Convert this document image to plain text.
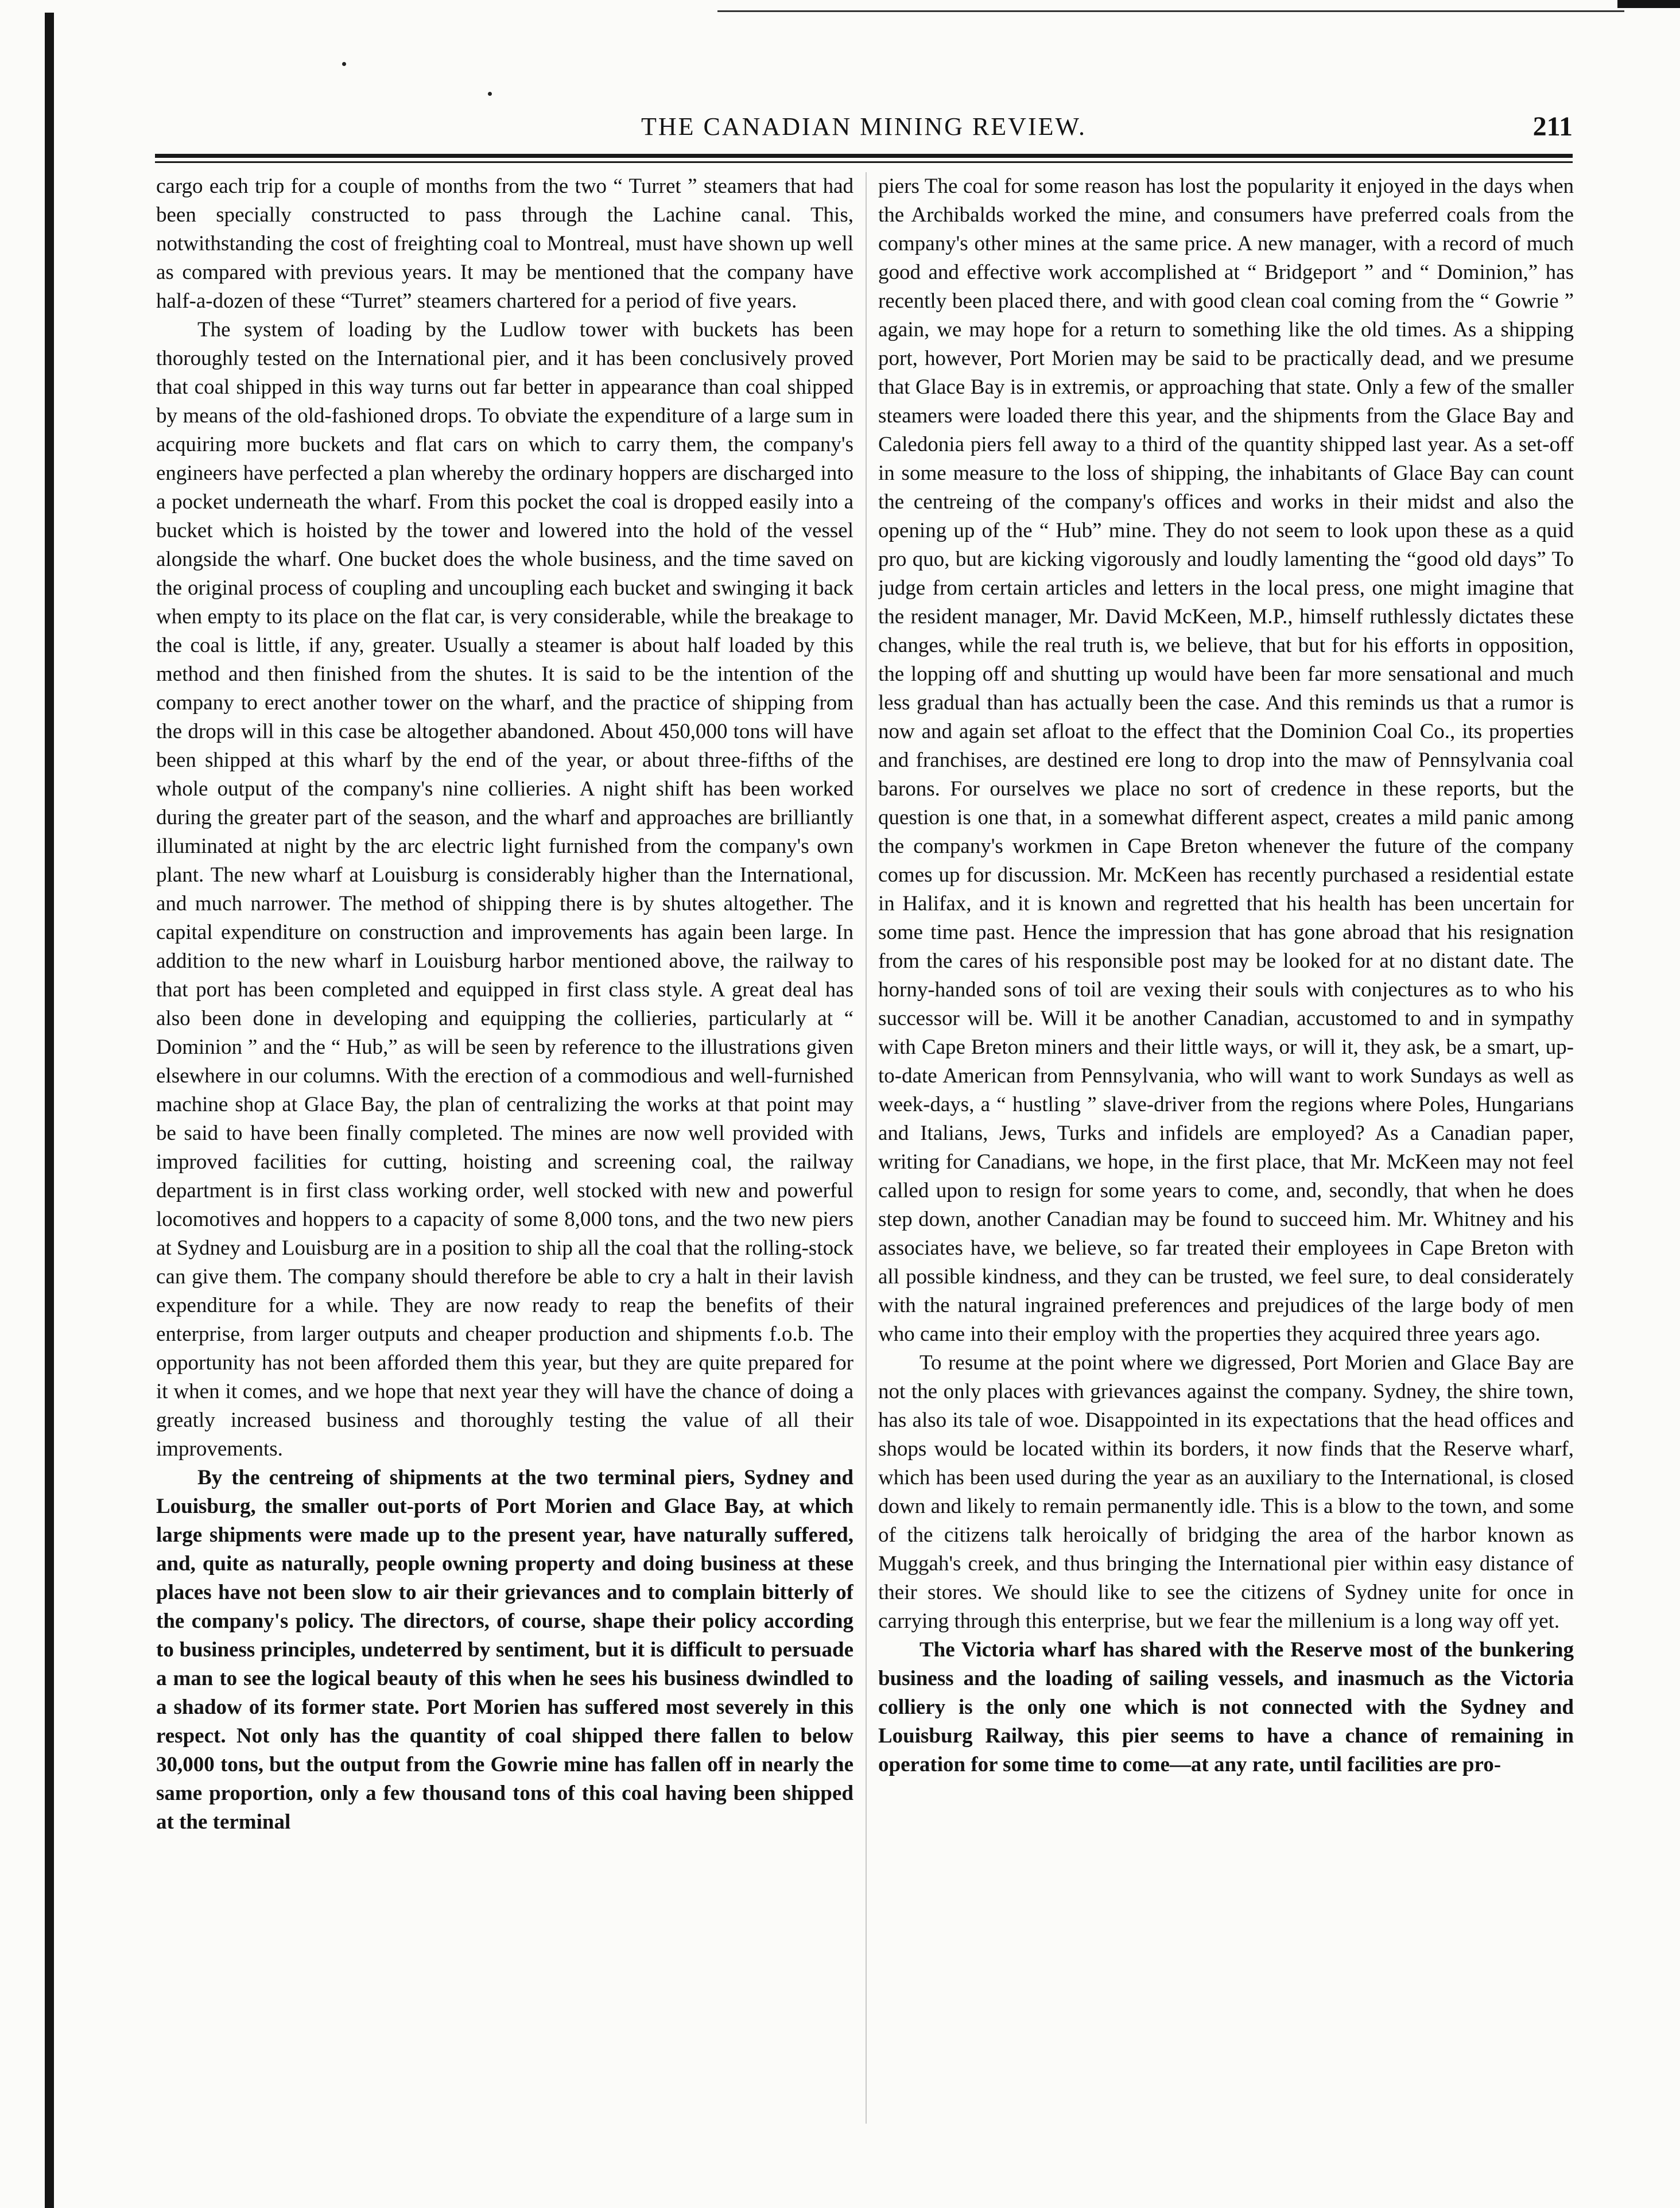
THE CANADIAN MINING REVIEW.	211

cargo each trip for a couple of months from the two “ Turret ” steamers that had been specially constructed to pass through the Lachine canal. This, notwithstanding the cost of freighting coal to Montreal, must have shown up well as compared with previous years. It may be mentioned that the company have half-a-dozen of these “Turret” steamers chartered for a period of five years.

The system of loading by the Ludlow tower with buckets has been thoroughly tested on the International pier, and it has been conclusively proved that coal shipped in this way turns out far better in appearance than coal shipped by means of the old-fashioned drops. To obviate the expenditure of a large sum in acquiring more buckets and flat cars on which to carry them, the company's engineers have perfected a plan whereby the ordinary hoppers are discharged into a pocket underneath the wharf. From this pocket the coal is dropped easily into a bucket which is hoisted by the tower and lowered into the hold of the vessel alongside the wharf. One bucket does the whole business, and the time saved on the original process of coupling and uncoupling each bucket and swinging it back when empty to its place on the flat car, is very considerable, while the breakage to the coal is little, if any, greater. Usually a steamer is about half loaded by this method and then finished from the shutes. It is said to be the intention of the company to erect another tower on the wharf, and the practice of shipping from the drops will in this case be altogether abandoned. About 450,000 tons will have been shipped at this wharf by the end of the year, or about three-fifths of the whole output of the company's nine collieries. A night shift has been worked during the greater part of the season, and the wharf and approaches are brilliantly illuminated at night by the arc electric light furnished from the company's own plant. The new wharf at Louisburg is considerably higher than the International, and much narrower. The method of shipping there is by shutes altogether. The capital expenditure on construction and improvements has again been large. In addition to the new wharf in Louisburg harbor mentioned above, the railway to that port has been completed and equipped in first class style. A great deal has also been done in developing and equipping the collieries, particularly at “ Dominion ” and the “ Hub,” as will be seen by reference to the illustrations given elsewhere in our columns. With the erection of a commodious and well-furnished machine shop at Glace Bay, the plan of centralizing the works at that point may be said to have been finally completed. The mines are now well provided with improved facilities for cutting, hoisting and screening coal, the railway department is in first class working order, well stocked with new and powerful locomotives and hoppers to a capacity of some 8,000 tons, and the two new piers at Sydney and Louisburg are in a position to ship all the coal that the rolling-stock can give them. The company should therefore be able to cry a halt in their lavish expenditure for a while. They are now ready to reap the benefits of their enterprise, from larger outputs and cheaper production and shipments f.o.b. The opportunity has not been afforded them this year, but they are quite prepared for it when it comes, and we hope that next year they will have the chance of doing a greatly increased business and thoroughly testing the value of all their improvements.

By the centreing of shipments at the two terminal piers, Sydney and Louisburg, the smaller out-ports of Port Morien and Glace Bay, at which large shipments were made up to the present year, have naturally suffered, and, quite as naturally, people owning property and doing business at these places have not been slow to air their grievances and to complain bitterly of the company's policy. The directors, of course, shape their policy according to business principles, undeterred by sentiment, but it is difficult to persuade a man to see the logical beauty of this when he sees his business dwindled to a shadow of its former state. Port Morien has suffered most severely in this respect. Not only has the quantity of coal shipped there fallen to below 30,000 tons, but the output from the Gowrie mine has fallen off in nearly the same proportion, only a few thousand tons of this coal having been shipped at the terminal

piers The coal for some reason has lost the popularity it enjoyed in the days when the Archibalds worked the mine, and consumers have preferred coals from the company's other mines at the same price. A new manager, with a record of much good and effective work accomplished at “ Bridgeport ” and “ Dominion,” has recently been placed there, and with good clean coal coming from the “ Gowrie ” again, we may hope for a return to something like the old times. As a shipping port, however, Port Morien may be said to be practically dead, and we presume that Glace Bay is in extremis, or approaching that state. Only a few of the smaller steamers were loaded there this year, and the shipments from the Glace Bay and Caledonia piers fell away to a third of the quantity shipped last year. As a set-off in some measure to the loss of shipping, the inhabitants of Glace Bay can count the centreing of the company's offices and works in their midst and also the opening up of the “ Hub” mine. They do not seem to look upon these as a quid pro quo, but are kicking vigorously and loudly lamenting the “good old days” To judge from certain articles and letters in the local press, one might imagine that the resident manager, Mr. David McKeen, M.P., himself ruthlessly dictates these changes, while the real truth is, we believe, that but for his efforts in opposition, the lopping off and shutting up would have been far more sensational and much less gradual than has actually been the case. And this reminds us that a rumor is now and again set afloat to the effect that the Dominion Coal Co., its properties and franchises, are destined ere long to drop into the maw of Pennsylvania coal barons. For ourselves we place no sort of credence in these reports, but the question is one that, in a somewhat different aspect, creates a mild panic among the company's workmen in Cape Breton whenever the future of the company comes up for discussion. Mr. McKeen has recently purchased a residential estate in Halifax, and it is known and regretted that his health has been uncertain for some time past. Hence the impression that has gone abroad that his resignation from the cares of his responsible post may be looked for at no distant date. The horny-handed sons of toil are vexing their souls with conjectures as to who his successor will be. Will it be another Canadian, accustomed to and in sympathy with Cape Breton miners and their little ways, or will it, they ask, be a smart, up-to-date American from Pennsylvania, who will want to work Sundays as well as week-days, a “ hustling ” slave-driver from the regions where Poles, Hungarians and Italians, Jews, Turks and infidels are employed? As a Canadian paper, writing for Canadians, we hope, in the first place, that Mr. McKeen may not feel called upon to resign for some years to come, and, secondly, that when he does step down, another Canadian may be found to succeed him. Mr. Whitney and his associates have, we believe, so far treated their employees in Cape Breton with all possible kindness, and they can be trusted, we feel sure, to deal considerately with the natural ingrained preferences and prejudices of the large body of men who came into their employ with the properties they acquired three years ago.

To resume at the point where we digressed, Port Morien and Glace Bay are not the only places with grievances against the company. Sydney, the shire town, has also its tale of woe. Disappointed in its expectations that the head offices and shops would be located within its borders, it now finds that the Reserve wharf, which has been used during the year as an auxiliary to the International, is closed down and likely to remain permanently idle. This is a blow to the town, and some of the citizens talk heroically of bridging the area of the harbor known as Muggah's creek, and thus bringing the International pier within easy distance of their stores. We should like to see the citizens of Sydney unite for once in carrying through this enterprise, but we fear the millenium is a long way off yet.

The Victoria wharf has shared with the Reserve most of the bunkering business and the loading of sailing vessels, and inasmuch as the Victoria colliery is the only one which is not connected with the Sydney and Louisburg Railway, this pier seems to have a chance of remaining in operation for some time to come—at any rate, until facilities are pro-
